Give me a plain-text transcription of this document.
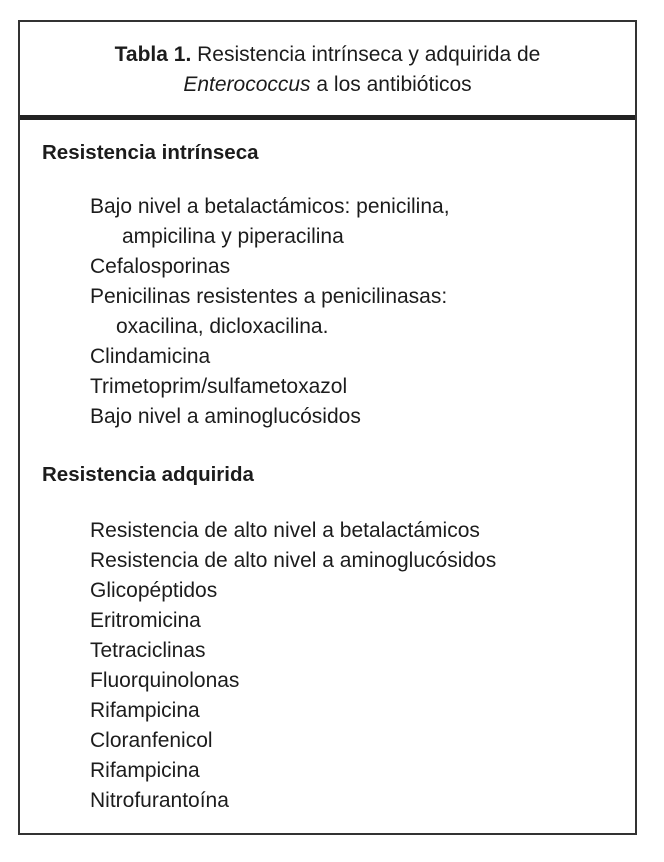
Tabla 1. Resistencia intrínseca y adquirida de
Enterococcus a los antibióticos
Resistencia intrínseca
Bajo nivel a betalactámicos: penicilina,
ampicilina y piperacilina
Cefalosporinas
Penicilinas resistentes a penicilinasas:
oxacilina, dicloxacilina.
Clindamicina
Trimetoprim/sulfametoxazol
Bajo nivel a aminoglucósidos
Resistencia adquirida
Resistencia de alto nivel a betalactámicos
Resistencia de alto nivel a aminoglucósidos
Glicopéptidos
Eritromicina
Tetraciclinas
Fluorquinolonas
Rifampicina
Cloranfenicol
Rifampicina
Nitrofurantoína
